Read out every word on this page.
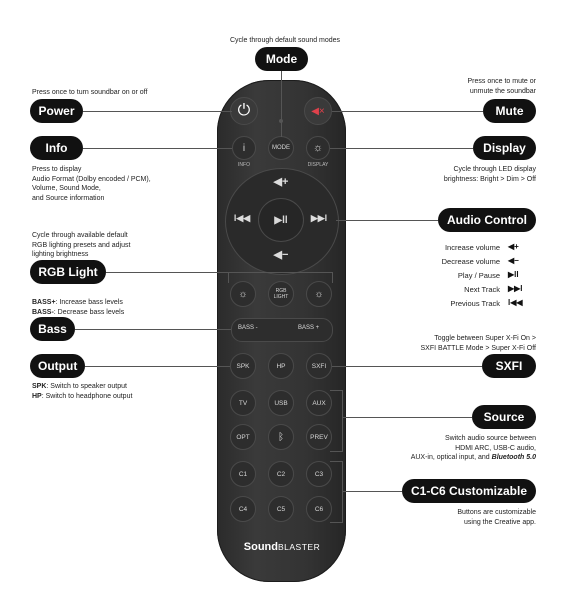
⏻	◀×
i
INFO
MODE ☼
DISPLAY
◀+
◀−
l◀◀	▶▶l
▶ll
☼	RGB
LIGHT	☼
BASS -	BASS +
SPK	HP	SXFI
TV	USB	AUX
OPT	ᛒ	PREV
C1	C2	C3
C4	C5	C6
SoundBLASTER
Cycle through default sound modes
Mode
Press once to turn soundbar on or off
Power
Press once to mute or
unmute the soundbar
Mute
Info
Press to display
Audio Format (Dolby encoded / PCM),
Volume, Sound Mode,
and Source information
Display
Cycle through LED display
brightness: Bright > Dim > Off
Audio Control
Increase volume ◀+
Decrease volume ◀−
Play / Pause ▶ll
Next Track ▶▶l
Previous Track l◀◀
Cycle through available default
RGB lighting presets and adjust
lighting brightness
RGB Light
BASS+: Increase bass levels
BASS-: Decrease bass levels
Bass
Output
SPK: Switch to speaker output
HP: Switch to headphone output
Toggle between Super X-Fi On >
SXFI BATTLE Mode > Super X-Fi Off
SXFI
Source
Switch audio source between
HDMI ARC, USB-C audio,
AUX-in, optical input, and Bluetooth 5.0
C1-C6 Customizable
Buttons are customizable
using the Creative app.
